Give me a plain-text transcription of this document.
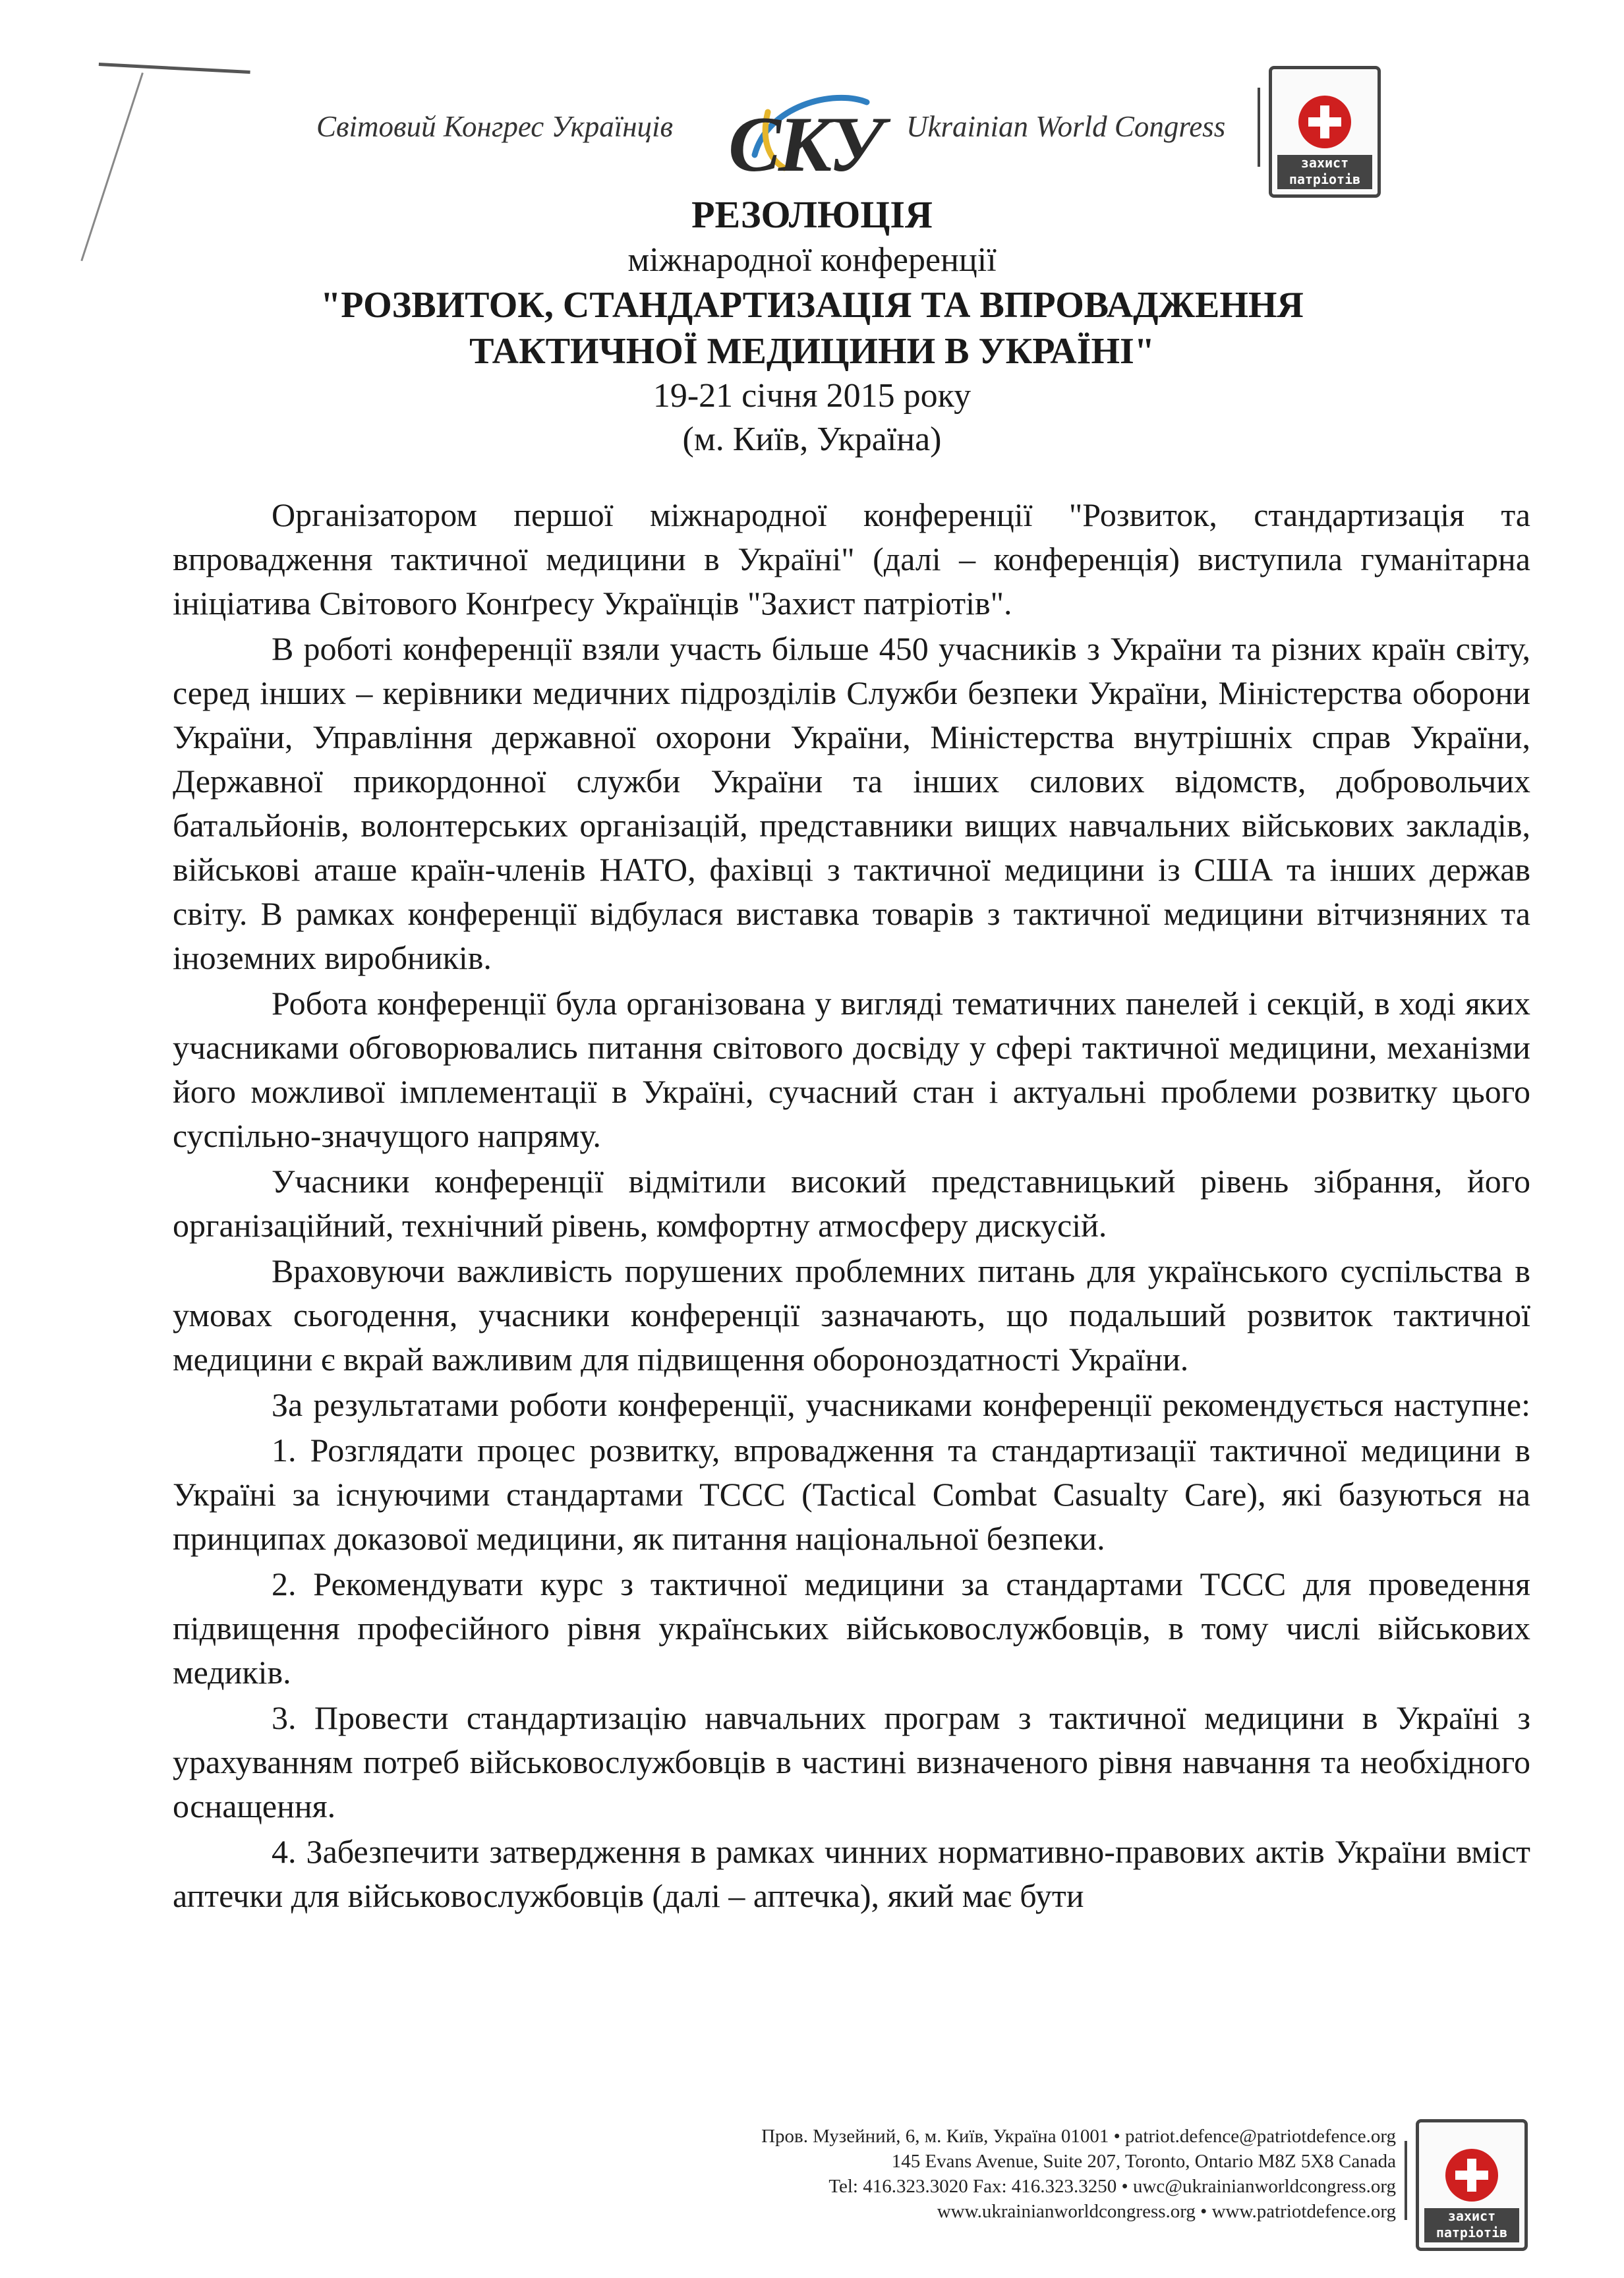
Світовий Конгрес Українців СКУ Ukrainian World Congress
захист патріотів

РЕЗОЛЮЦІЯ

міжнародної конференції

"РОЗВИТОК, СТАНДАРТИЗАЦІЯ ТА ВПРОВАДЖЕННЯ

ТАКТИЧНОЇ МЕДИЦИНИ В УКРАЇНІ"

19-21 січня 2015 року

(м. Київ, Україна)

Організатором першої міжнародної конференції "Розвиток, стандартизація та впровадження тактичної медицини в Україні" (далі – конференція) виступила гуманітарна ініціатива Світового Конґресу Українців "Захист патріотів".

В роботі конференції взяли участь більше 450 учасників з України та різних країн світу, серед інших – керівники медичних підрозділів Служби безпеки України, Міністерства оборони України, Управління державної охорони України, Міністерства внутрішніх справ України, Державної прикордонної служби України та інших силових відомств, добровольчих батальйонів, волонтерських організацій, представники вищих навчальних військових закладів, військові аташе країн-членів НАТО, фахівці з тактичної медицини із США та інших держав світу. В рамках конференції відбулася виставка товарів з тактичної медицини вітчизняних та іноземних виробників.

Робота конференції була організована у вигляді тематичних панелей і секцій, в ході яких учасниками обговорювались питання світового досвіду у сфері тактичної медицини, механізми його можливої імплементації в Україні, сучасний стан і актуальні проблеми розвитку цього суспільно-значущого напряму.

Учасники конференції відмітили високий представницький рівень зібрання, його організаційний, технічний рівень, комфортну атмосферу дискусій.

Враховуючи важливість порушених проблемних питань для українського суспільства в умовах сьогодення, учасники конференції зазначають, що подальший розвиток тактичної медицини є вкрай важливим для підвищення обороноздатності України.

За результатами роботи конференції, учасниками конференції рекомендується наступне:

1. Розглядати процес розвитку, впровадження та стандартизації тактичної медицини в Україні за існуючими стандартами TCCC (Tactical Combat Casualty Care), які базуються на принципах доказової медицини, як питання національної безпеки.

2. Рекомендувати курс з тактичної медицини за стандартами TCCC для проведення підвищення професійного рівня українських військовослужбовців, в тому числі військових медиків.

3. Провести стандартизацію навчальних програм з тактичної медицини в Україні з урахуванням потреб військовослужбовців в частині визначеного рівня навчання та необхідного оснащення.

4. Забезпечити затвердження в рамках чинних нормативно-правових актів України вміст аптечки для військовослужбовців (далі – аптечка), який має бути

Пров. Музейний, 6, м. Київ, Україна 01001 • patriot.defence@patriotdefence.org
145 Evans Avenue, Suite 207, Toronto, Ontario M8Z 5X8 Canada
Tel: 416.323.3020 Fax: 416.323.3250 • uwc@ukrainianworldcongress.org
www.ukrainianworldcongress.org • www.patriotdefence.org	захист патріотів
